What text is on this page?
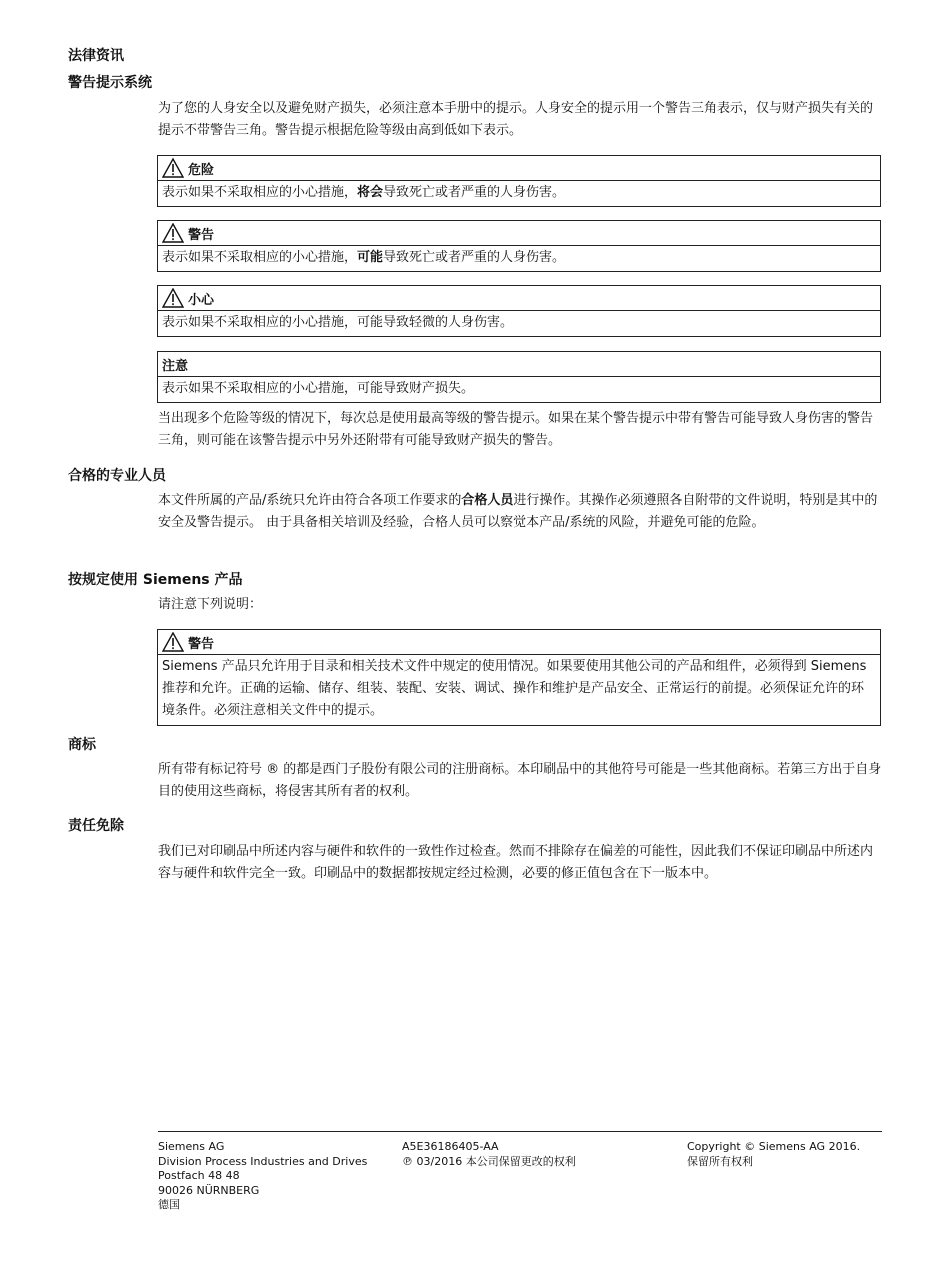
法律资讯
警告提示系统
为了您的人身安全以及避免财产损失，必须注意本手册中的提示。人身安全的提示用一个警告三角表示，仅与财产损失有关的提示不带警告三角。警告提示根据危险等级由高到低如下表示。
危险
表示如果不采取相应的小心措施，将会导致死亡或者严重的人身伤害。
警告
表示如果不采取相应的小心措施，可能导致死亡或者严重的人身伤害。
小心
表示如果不采取相应的小心措施，可能导致轻微的人身伤害。
注意
表示如果不采取相应的小心措施，可能导致财产损失。
当出现多个危险等级的情况下，每次总是使用最高等级的警告提示。如果在某个警告提示中带有警告可能导致人身伤害的警告三角，则可能在该警告提示中另外还附带有可能导致财产损失的警告。
合格的专业人员
本文件所属的产品/系统只允许由符合各项工作要求的合格人员进行操作。其操作必须遵照各自附带的文件说明，特别是其中的安全及警告提示。 由于具备相关培训及经验，合格人员可以察觉本产品/系统的风险，并避免可能的危险。
按规定使用 Siemens 产品
请注意下列说明：
警告
Siemens 产品只允许用于目录和相关技术文件中规定的使用情况。如果要使用其他公司的产品和组件，必须得到 Siemens 推荐和允许。正确的运输、储存、组装、装配、安装、调试、操作和维护是产品安全、正常运行的前提。必须保证允许的环境条件。必须注意相关文件中的提示。
商标
所有带有标记符号 ® 的都是西门子股份有限公司的注册商标。本印刷品中的其他符号可能是一些其他商标。若第三方出于自身目的使用这些商标，将侵害其所有者的权利。
责任免除
我们已对印刷品中所述内容与硬件和软件的一致性作过检查。然而不排除存在偏差的可能性，因此我们不保证印刷品中所述内容与硬件和软件完全一致。印刷品中的数据都按规定经过检测，必要的修正值包含在下一版本中。
Siemens AG
Division Process Industries and Drives
Postfach 48 48
90026 NÜRNBERG
德国
A5E36186405-AA
℗ 03/2016 本公司保留更改的权利
Copyright © Siemens AG 2016.
保留所有权利
